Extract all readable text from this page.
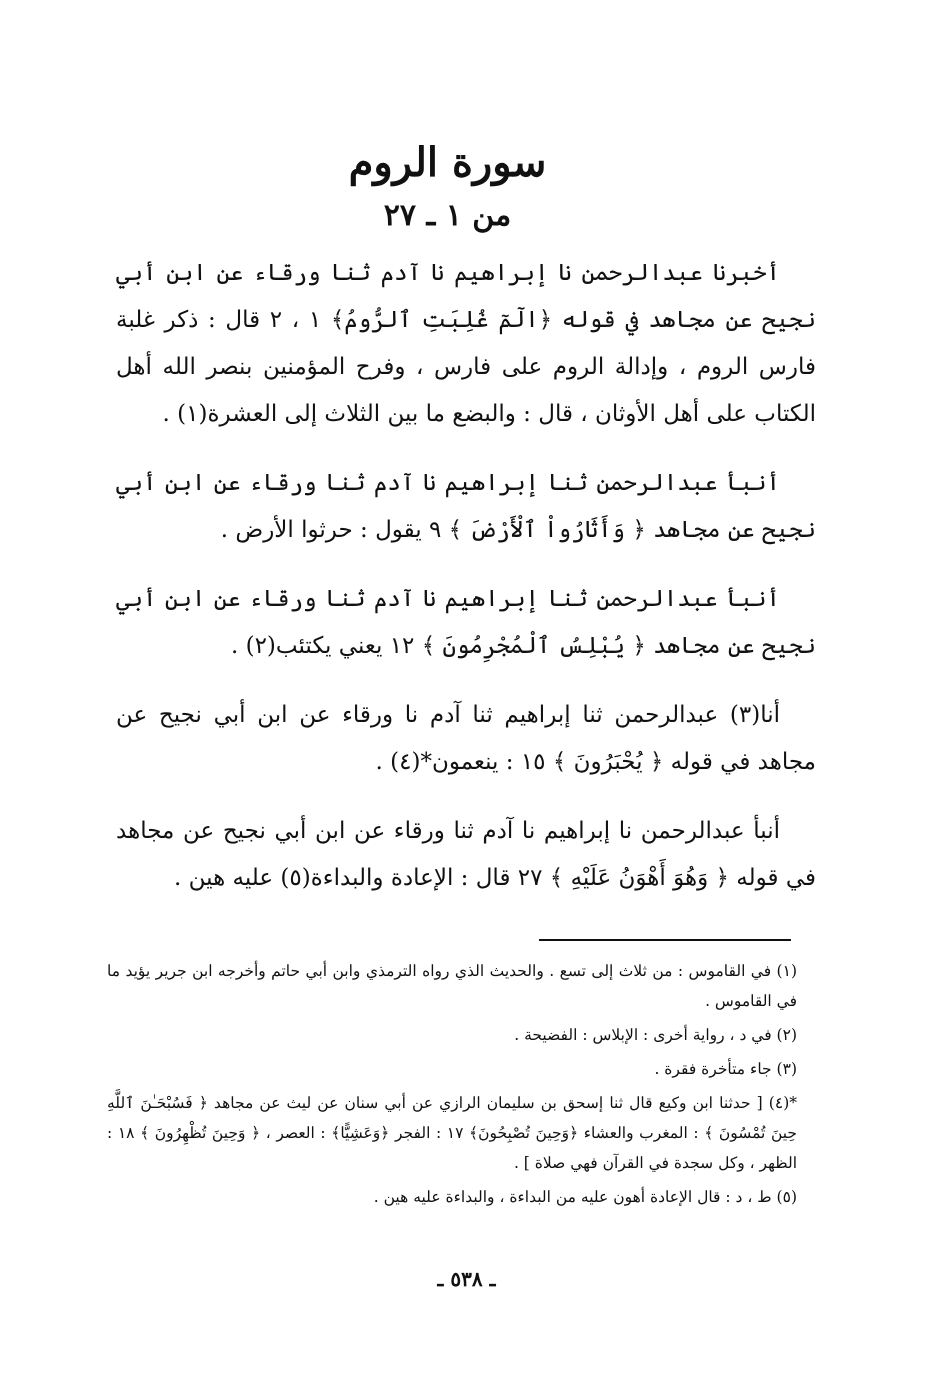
سورة الروم
من ١ ـ ٢٧

أخبرنا عبدالرحمن نا إبراهيم نا آدم ثنا ورقاء عن ابن أبي نجيح عن مجاهد في قوله ﴿الٓمٓ غُلِبَتِ ٱلرُّومُ﴾ ١ ، ٢ قال : ذكر غلبة فارس الروم ، وإدالة الروم على فارس ، وفرح المؤمنين بنصر الله أهل الكتاب على أهل الأوثان ، قال : والبضع ما بين الثلاث إلى العشرة(١) .

أنبأ عبدالرحمن ثنا إبراهيم نا آدم ثنا ورقاء عن ابن أبي نجيح عن مجاهد ﴿ وَأَثَارُواْ ٱلْأَرْضَ ﴾ ٩ يقول : حرثوا الأرض .

أنبأ عبدالرحمن ثنا إبراهيم نا آدم ثنا ورقاء عن ابن أبي نجيح عن مجاهد ﴿ يُبْلِسُ ٱلْمُجْرِمُونَ ﴾ ١٢ يعني يكتئب(٢) .

أنا(٣) عبدالرحمن ثنا إبراهيم ثنا آدم نا ورقاء عن ابن أبي نجيح عن مجاهد في قوله ﴿ يُحْبَرُونَ ﴾ ١٥ : ينعمون*(٤) .

أنبأ عبدالرحمن نا إبراهيم نا آدم ثنا ورقاء عن ابن أبي نجيح عن مجاهد في قوله ﴿ وَهُوَ أَهْوَنُ عَلَيْهِ ﴾ ٢٧ قال : الإعادة والبداءة(٥) عليه هين .

(١) في القاموس : من ثلاث إلى تسع . والحديث الذي رواه الترمذي وابن أبي حاتم وأخرجه ابن جرير يؤيد ما في القاموس .

(٢) في د ، رواية أخرى : الإبلاس : الفضيحة .

(٣) جاء متأخرة فقرة .

*(٤) [ حدثنا ابن وكيع قال ثنا إسحق بن سليمان الرازي عن أبي سنان عن ليث عن مجاهد ﴿ فَسُبْحَـٰنَ ٱللَّهِ حِينَ تُمْسُونَ ﴾ : المغرب والعشاء ﴿وَحِينَ تُصْبِحُونَ﴾ ١٧ : الفجر ﴿وَعَشِيًّا﴾ : العصر ، ﴿ وَحِينَ تُظْهِرُونَ ﴾ ١٨ : الظهر ، وكل سجدة في القرآن فهي صلاة ] .

(٥) ط ، د : قال الإعادة أهون عليه من البداءة ، والبداءة عليه هين .

ـ ٥٣٨ ـ
